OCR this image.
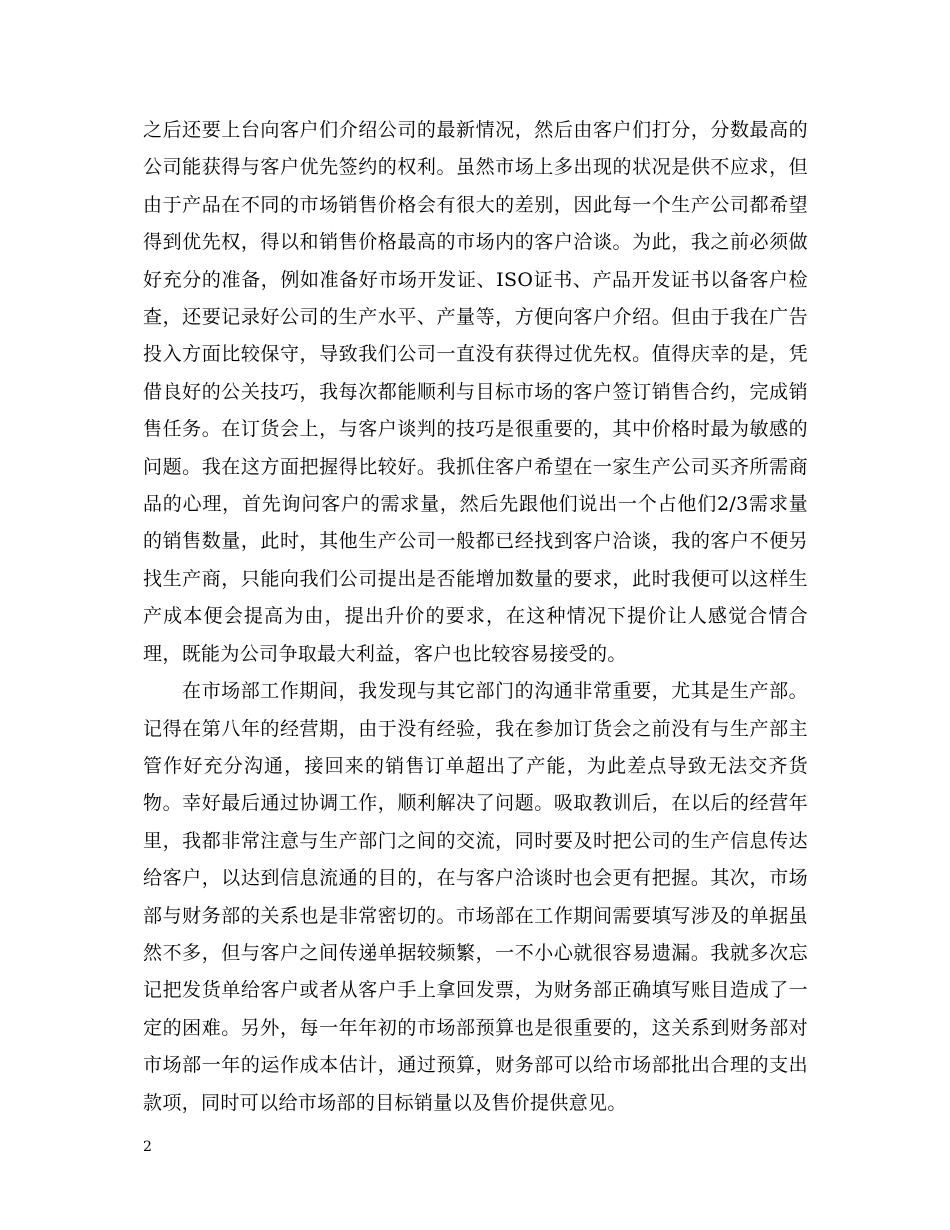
之后还要上台向客户们介绍公司的最新情况，然后由客户们打分，分数最高的公司能获得与客户优先签约的权利。虽然市场上多出现的状况是供不应求，但由于产品在不同的市场销售价格会有很大的差别，因此每一个生产公司都希望得到优先权，得以和销售价格最高的市场内的客户洽谈。为此，我之前必须做好充分的准备，例如准备好市场开发证、ISO证书、产品开发证书以备客户检查，还要记录好公司的生产水平、产量等，方便向客户介绍。但由于我在广告投入方面比较保守，导致我们公司一直没有获得过优先权。值得庆幸的是，凭借良好的公关技巧，我每次都能顺利与目标市场的客户签订销售合约，完成销售任务。在订货会上，与客户谈判的技巧是很重要的，其中价格时最为敏感的问题。我在这方面把握得比较好。我抓住客户希望在一家生产公司买齐所需商品的心理，首先询问客户的需求量，然后先跟他们说出一个占他们2/3需求量的销售数量，此时，其他生产公司一般都已经找到客户洽谈，我的客户不便另找生产商，只能向我们公司提出是否能增加数量的要求，此时我便可以这样生产成本便会提高为由，提出升价的要求，在这种情况下提价让人感觉合情合理，既能为公司争取最大利益，客户也比较容易接受的。

在市场部工作期间，我发现与其它部门的沟通非常重要，尤其是生产部。记得在第八年的经营期，由于没有经验，我在参加订货会之前没有与生产部主管作好充分沟通，接回来的销售订单超出了产能，为此差点导致无法交齐货物。幸好最后通过协调工作，顺利解决了问题。吸取教训后，在以后的经营年里，我都非常注意与生产部门之间的交流，同时要及时把公司的生产信息传达给客户，以达到信息流通的目的，在与客户洽谈时也会更有把握。其次，市场部与财务部的关系也是非常密切的。市场部在工作期间需要填写涉及的单据虽然不多，但与客户之间传递单据较频繁，一不小心就很容易遗漏。我就多次忘记把发货单给客户或者从客户手上拿回发票，为财务部正确填写账目造成了一定的困难。另外，每一年年初的市场部预算也是很重要的，这关系到财务部对市场部一年的运作成本估计，通过预算，财务部可以给市场部批出合理的支出款项，同时可以给市场部的目标销量以及售价提供意见。

2
